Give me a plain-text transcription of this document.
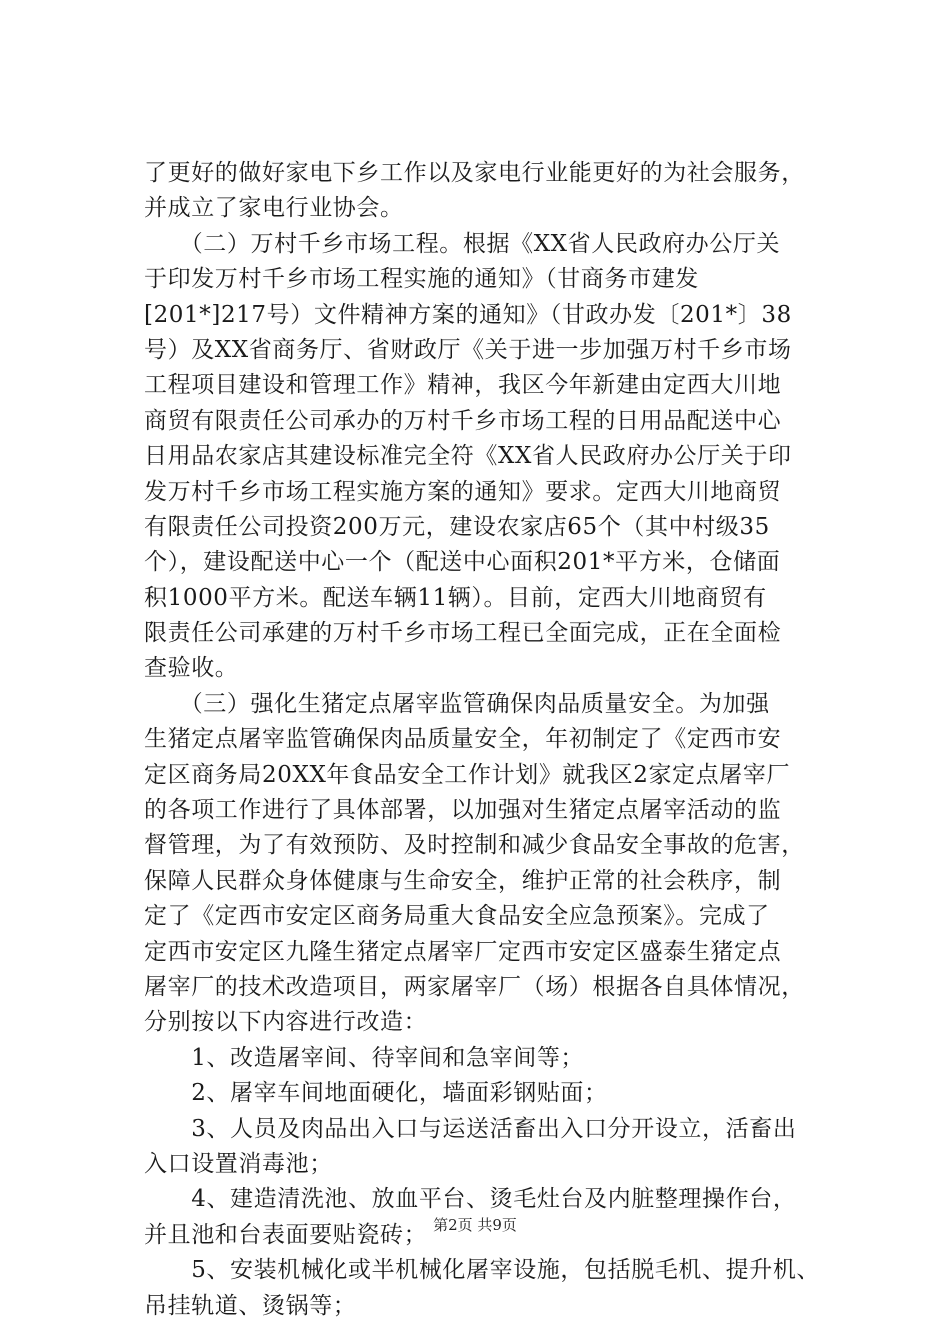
了更好的做好家电下乡工作以及家电行业能更好的为社会服务，
并成立了家电行业协会。
　　（二）万村千乡市场工程。根据《XX省人民政府办公厅关
于印发万村千乡市场工程实施的通知》（甘商务市建发
[201*]217号）文件精神方案的通知》（甘政办发〔201*〕38
号）及XX省商务厅、省财政厅《关于进一步加强万村千乡市场
工程项目建设和管理工作》精神，我区今年新建由定西大川地
商贸有限责任公司承办的万村千乡市场工程的日用品配送中心
日用品农家店其建设标准完全符《XX省人民政府办公厅关于印
发万村千乡市场工程实施方案的通知》要求。定西大川地商贸
有限责任公司投资200万元，建设农家店65个（其中村级35
个），建设配送中心一个（配送中心面积201*平方米，仓储面
积1000平方米。配送车辆11辆）。目前，定西大川地商贸有
限责任公司承建的万村千乡市场工程已全面完成，正在全面检
查验收。
　　（三）强化生猪定点屠宰监管确保肉品质量安全。为加强
生猪定点屠宰监管确保肉品质量安全，年初制定了《定西市安
定区商务局20XX年食品安全工作计划》就我区2家定点屠宰厂
的各项工作进行了具体部署，以加强对生猪定点屠宰活动的监
督管理，为了有效预防、及时控制和减少食品安全事故的危害，
保障人民群众身体健康与生命安全，维护正常的社会秩序，制
定了《定西市安定区商务局重大食品安全应急预案》。完成了
定西市安定区九隆生猪定点屠宰厂定西市安定区盛泰生猪定点
屠宰厂的技术改造项目，两家屠宰厂（场）根据各自具体情况，
分别按以下内容进行改造：
　　1、改造屠宰间、待宰间和急宰间等；
　　2、屠宰车间地面硬化，墙面彩钢贴面；
　　3、人员及肉品出入口与运送活畜出入口分开设立，活畜出
入口设置消毒池；
　　4、建造清洗池、放血平台、烫毛灶台及内脏整理操作台，
并且池和台表面要贴瓷砖；
　　5、安装机械化或半机械化屠宰设施，包括脱毛机、提升机、
吊挂轨道、烫锅等；
第2页 共9页
